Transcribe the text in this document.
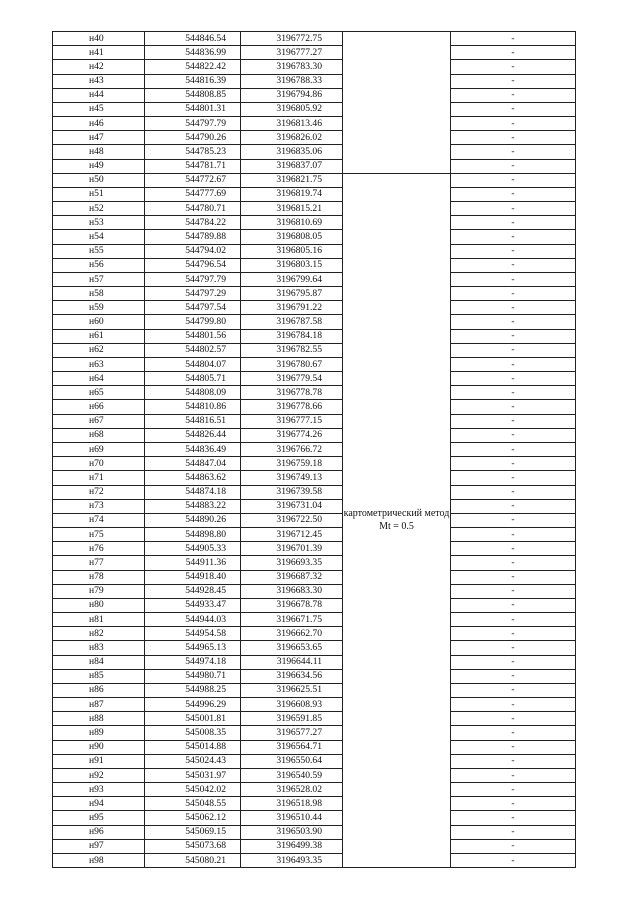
н40	544846.54	3196772.75		-
н41	544836.99	3196777.27		-
н42	544822.42	3196783.30		-
н43	544816.39	3196788.33		-
н44	544808.85	3196794.86		-
н45	544801.31	3196805.92		-
н46	544797.79	3196813.46		-
н47	544790.26	3196826.02		-
н48	544785.23	3196835.06		-
н49	544781.71	3196837.07		-
н50	544772.67	3196821.75	картометрический метод Mt = 0.5	-
н51	544777.69	3196819.74		-
н52	544780.71	3196815.21		-
н53	544784.22	3196810.69		-
н54	544789.88	3196808.05		-
н55	544794.02	3196805.16		-
н56	544796.54	3196803.15		-
н57	544797.79	3196799.64		-
н58	544797.29	3196795.87		-
н59	544797.54	3196791.22		-
н60	544799.80	3196787.58		-
н61	544801.56	3196784.18		-
н62	544802.57	3196782.55		-
н63	544804.07	3196780.67		-
н64	544805.71	3196779.54		-
н65	544808.09	3196778.78		-
н66	544810.86	3196778.66		-
н67	544816.51	3196777.15		-
н68	544826.44	3196774.26		-
н69	544836.49	3196766.72		-
н70	544847.04	3196759.18		-
н71	544863.62	3196749.13		-
н72	544874.18	3196739.58		-
н73	544883.22	3196731.04		-
н74	544890.26	3196722.50		-
н75	544898.80	3196712.45		-
н76	544905.33	3196701.39		-
н77	544911.36	3196693.35		-
н78	544918.40	3196687.32		-
н79	544928.45	3196683.30		-
н80	544933.47	3196678.78		-
н81	544944.03	3196671.75		-
н82	544954.58	3196662.70		-
н83	544965.13	3196653.65		-
н84	544974.18	3196644.11		-
н85	544980.71	3196634.56		-
н86	544988.25	3196625.51		-
н87	544996.29	3196608.93		-
н88	545001.81	3196591.85		-
н89	545008.35	3196577.27		-
н90	545014.88	3196564.71		-
н91	545024.43	3196550.64		-
н92	545031.97	3196540.59		-
н93	545042.02	3196528.02		-
н94	545048.55	3196518.98		-
н95	545062.12	3196510.44		-
н96	545069.15	3196503.90		-
н97	545073.68	3196499.38		-
н98	545080.21	3196493.35		-
